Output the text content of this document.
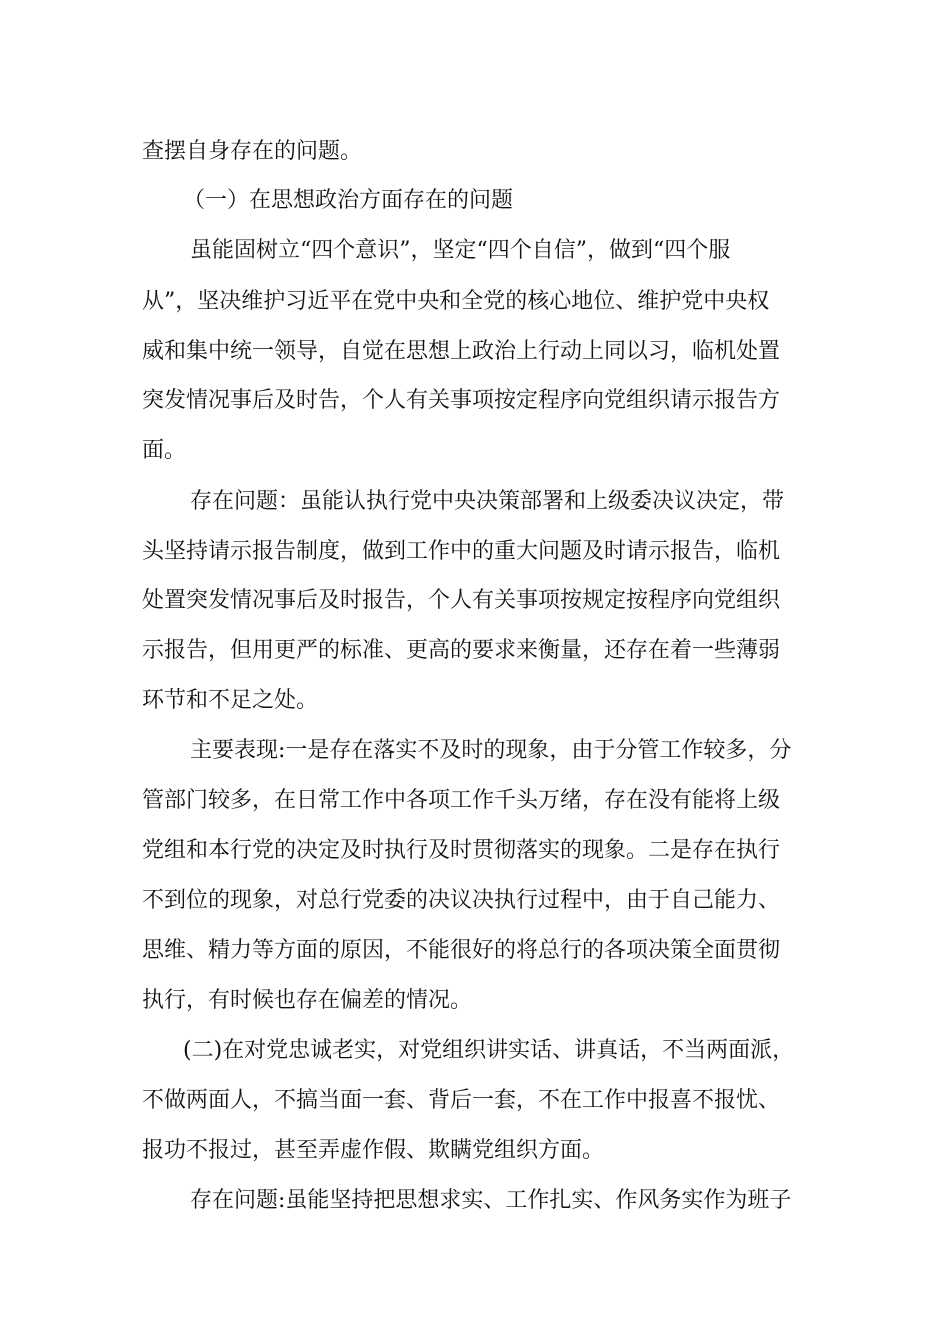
查摆自身存在的问题。
（一）在思想政治方面存在的问题
虽能固树立“四个意识”，坚定“四个自信”，做到“四个服
从”，坚决维护习近平在党中央和全党的核心地位、维护党中央权
威和集中统一领导，自觉在思想上政治上行动上同以习，临机处置
突发情况事后及时告，个人有关事项按定程序向党组织请示报告方
面。
存在问题：虽能认执行党中央决策部署和上级委决议决定，带
头坚持请示报告制度，做到工作中的重大问题及时请示报告，临机
处置突发情况事后及时报告，个人有关事项按规定按程序向党组织
示报告，但用更严的标准、更高的要求来衡量，还存在着一些薄弱
环节和不足之处。
主要表现:一是存在落实不及时的现象，由于分管工作较多，分
管部门较多，在日常工作中各项工作千头万绪，存在没有能将上级
党组和本行党的决定及时执行及时贯彻落实的现象。二是存在执行
不到位的现象，对总行党委的决议决执行过程中，由于自己能力、
思维、精力等方面的原因，不能很好的将总行的各项决策全面贯彻
执行，有时候也存在偏差的情况。
(二)在对党忠诚老实，对党组织讲实话、讲真话，不当两面派，
不做两面人，不搞当面一套、背后一套，不在工作中报喜不报忧、
报功不报过，甚至弄虚作假、欺瞒党组织方面。
存在问题:虽能坚持把思想求实、工作扎实、作风务实作为班子
